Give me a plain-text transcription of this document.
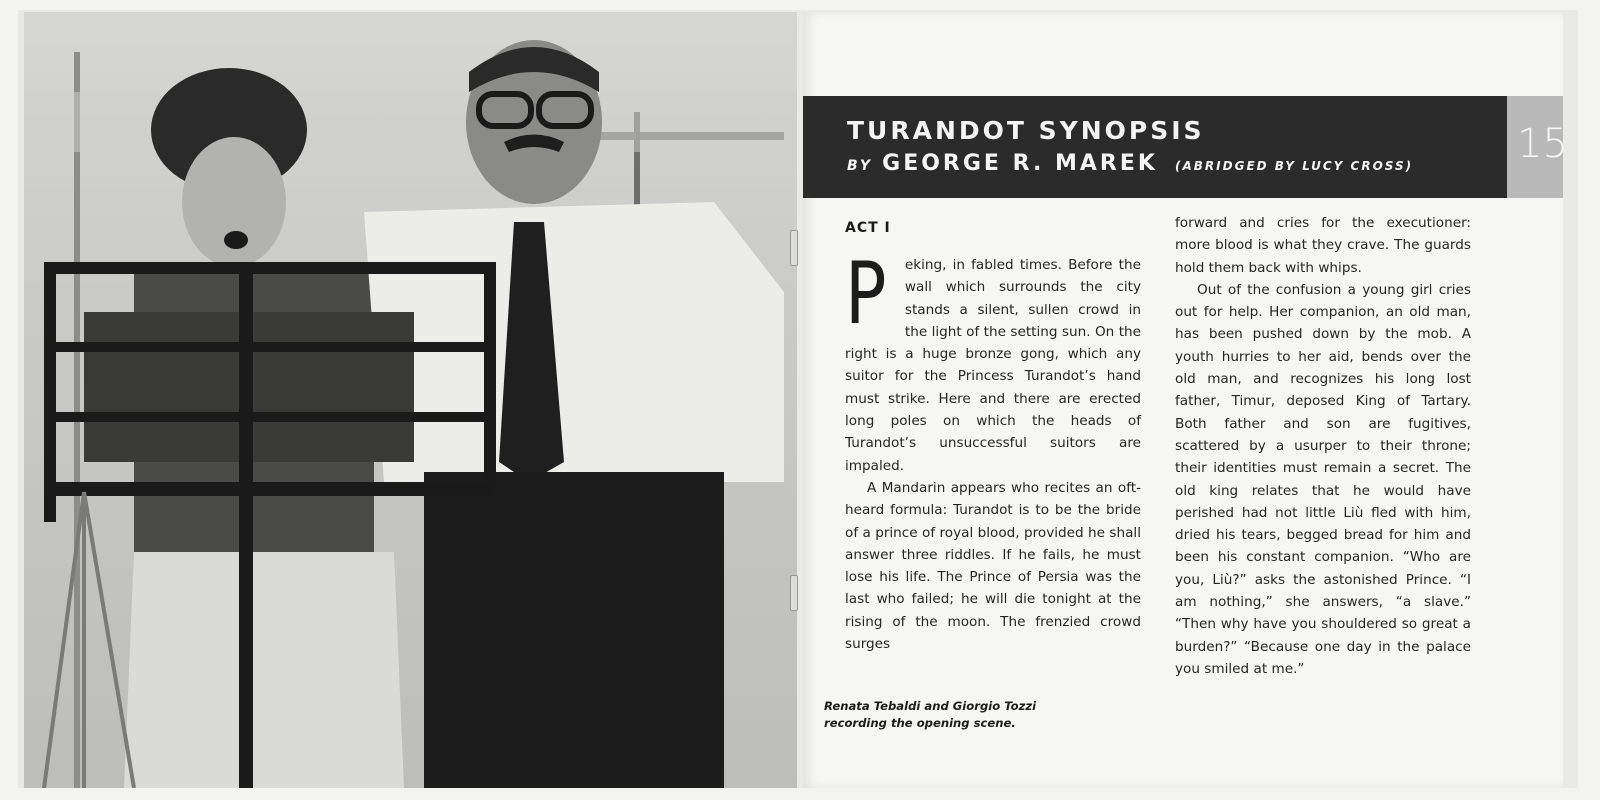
15
TURANDOT SYNOPSIS
BY GEORGE R. MAREK (ABRIDGED BY LUCY CROSS)
ACT I

P eking, in fabled times. Before the wall which surrounds the city stands a silent, sullen crowd in the light of the setting sun. On the right is a huge bronze gong, which any suitor for the Princess Turandot’s hand must strike. Here and there are erected long poles on which the heads of Turandot’s unsuccessful suitors are impaled.

A Mandarin appears who recites an oft-heard formula: Turandot is to be the bride of a prince of royal blood, provided he shall answer three riddles. If he fails, he must lose his life. The Prince of Persia was the last who failed; he will die tonight at the rising of the moon. The frenzied crowd surges

forward and cries for the executioner: more blood is what they crave. The guards hold them back with whips.

Out of the confusion a young girl cries out for help. Her companion, an old man, has been pushed down by the mob. A youth hurries to her aid, bends over the old man, and recognizes his long lost father, Timur, deposed King of Tartary. Both father and son are fugitives, scattered by a usurper to their throne; their identities must remain a secret. The old king relates that he would have perished had not little Liù fled with him, dried his tears, begged bread for him and been his constant companion. “Who are you, Liù?” asks the astonished Prince. “I am nothing,” she answers, “a slave.” “Then why have you shouldered so great a burden?” “Because one day in the palace you smiled at me.”

Renata Tebaldi and Giorgio Tozzi
recording the opening scene.
